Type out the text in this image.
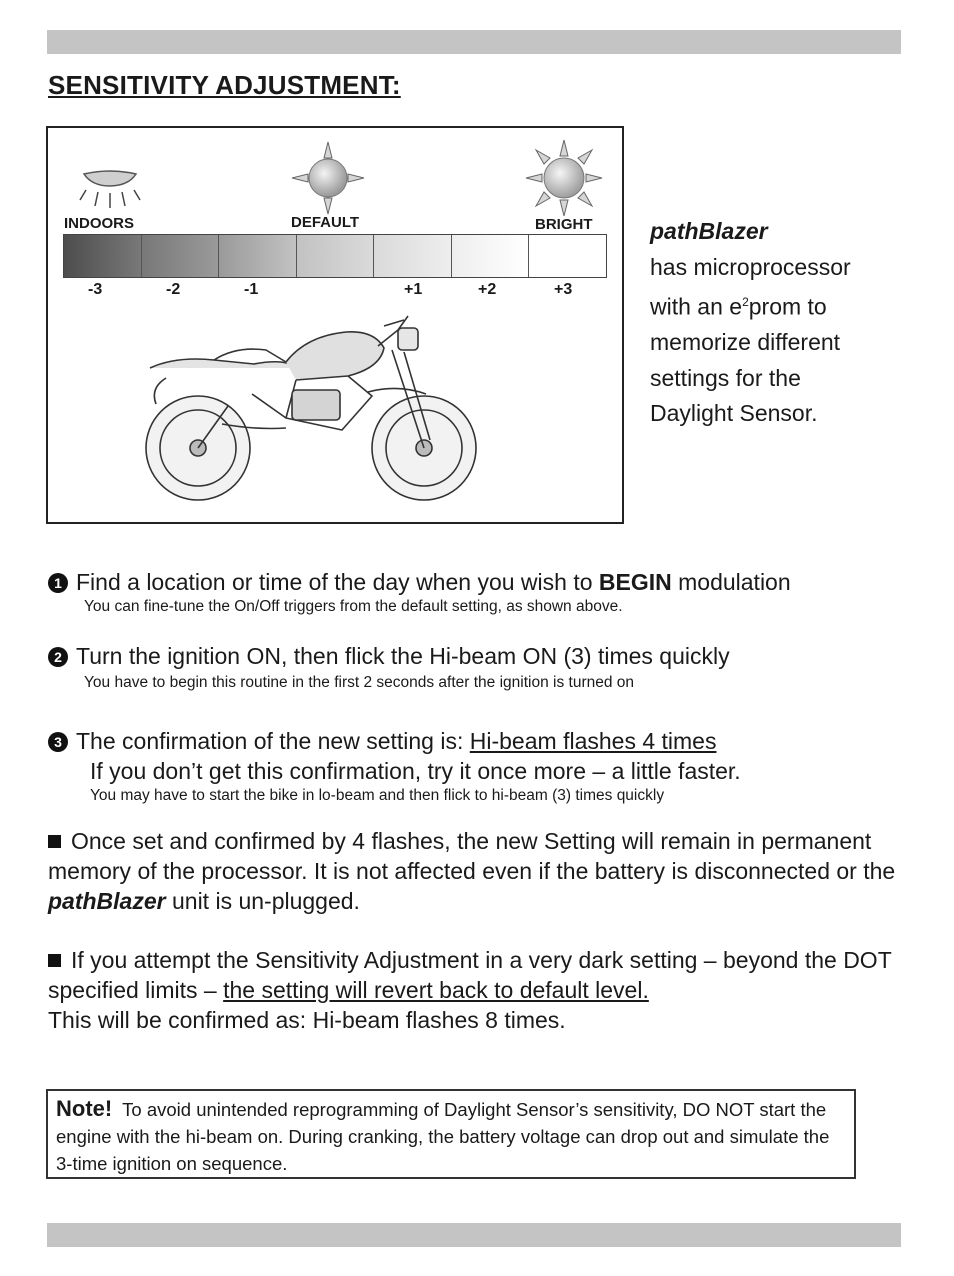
SENSITIVITY ADJUSTMENT:
INDOORS	DEFAULT	BRIGHT
-3	-2	-1	+1	+2	+3
pathBlazer
has microprocessor
with an $e^2prom$ to
memorize different
settings for the
Daylight Sensor.
1 Find a location or time of the day when you wish to BEGIN modulation
You can fine-tune the On/Off triggers from the default setting, as shown above.
2 Turn the ignition ON, then flick the Hi-beam ON (3) times quickly
You have to begin this routine in the first 2 seconds after the ignition is turned on
3 The confirmation of the new setting is: Hi-beam flashes 4 times
If you don’t get this confirmation, try it once more – a little faster.
You may have to start the bike in lo-beam and then flick to hi-beam (3) times quickly
Once set and confirmed by 4 flashes, the new Setting will remain in permanent memory of the processor. It is not affected even if the battery is disconnected or the pathBlazer unit is un-plugged.
If you attempt the Sensitivity Adjustment in a very dark setting – beyond the DOT specified limits – the setting will revert back to default level.
This will be confirmed as: Hi-beam flashes 8 times.
Note! To avoid unintended reprogramming of Daylight Sensor’s sensitivity, DO NOT start the engine with the hi-beam on. During cranking, the battery voltage can drop out and simulate the 3-time ignition on sequence.
